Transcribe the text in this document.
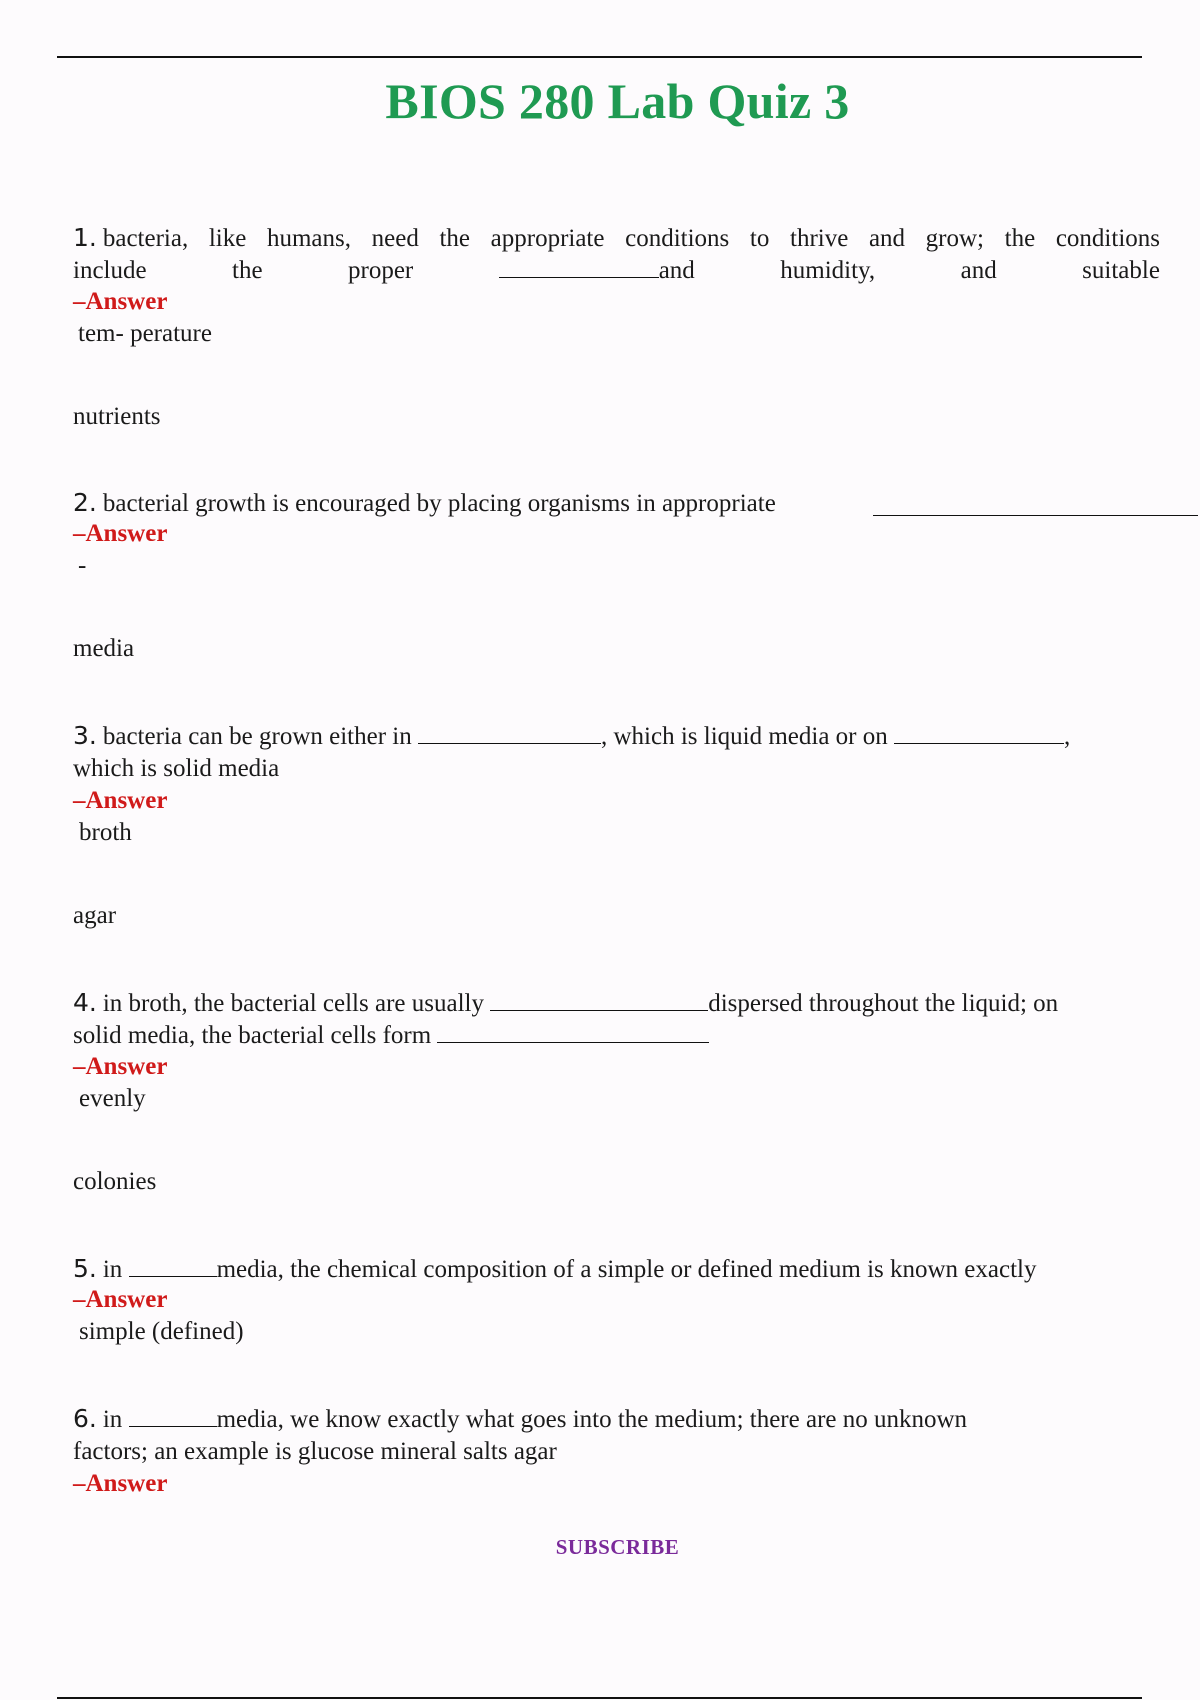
BIOS 280 Lab Quiz 3
1. bacteria, like humans, need the appropriate conditions to thrive and grow; the conditions
include	the	proper	and	humidity,	and	suitable
–Answer
tem- perature
nutrients
2. bacterial growth is encouraged by placing organisms in appropriate
–Answer
-
media
3. bacteria can be grown either in	, which is liquid media or on	,
which is solid media
–Answer
broth
agar
4. in broth, the bacterial cells are usually	dispersed throughout the liquid; on
solid media, the bacterial cells form
–Answer
evenly
colonies
5. in	media, the chemical composition of a simple or defined medium is known exactly
–Answer
simple (defined)
6. in	media, we know exactly what goes into the medium; there are no unknown
factors; an example is glucose mineral salts agar
–Answer
SUBSCRIBE
